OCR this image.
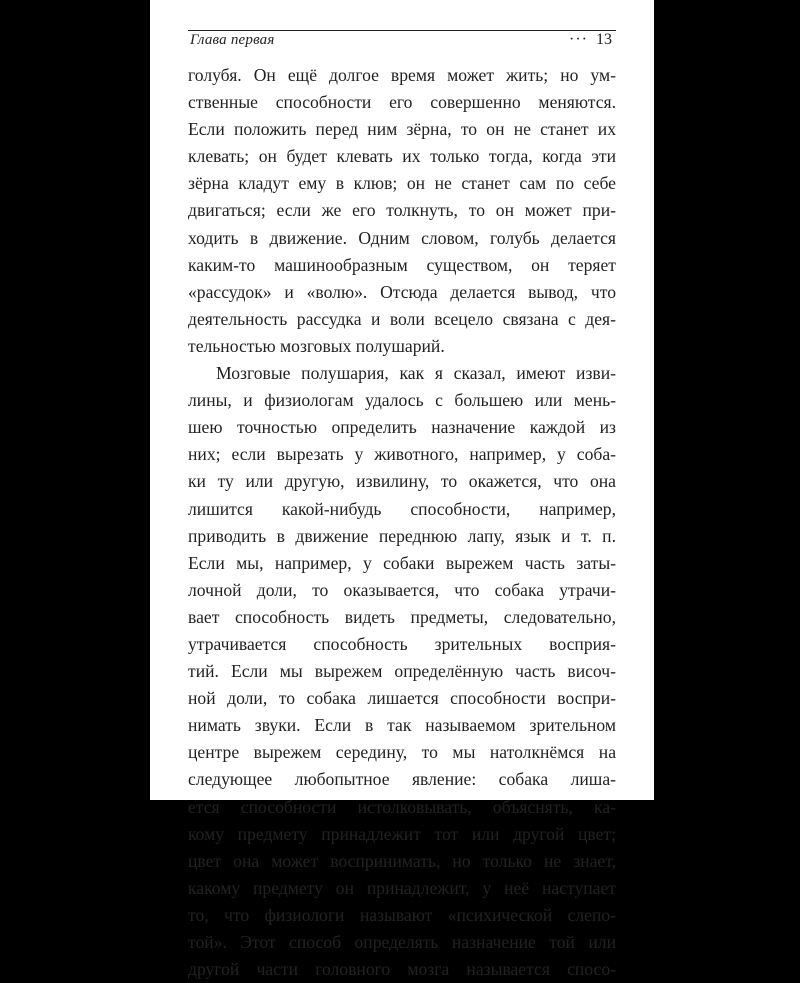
Глава первая	··· 13
голубя. Он ещё долгое время может жить; но ум-
ственные способности его совершенно меняются.
Если положить перед ним зёрна, то он не станет их
клевать; он будет клевать их только тогда, когда эти
зёрна кладут ему в клюв; он не станет сам по себе
двигаться; если же его толкнуть, то он может при-
ходить в движение. Одним словом, голубь делается
каким-то машинообразным существом, он теряет
«рассудок» и «волю». Отсюда делается вывод, что
деятельность рассудка и воли всецело связана с дея-
тельностью мозговых полушарий.
Мозговые полушария, как я сказал, имеют изви-
лины, и физиологам удалось с большею или мень-
шею точностью определить назначение каждой из
них; если вырезать у животного, например, у соба-
ки ту или другую, извилину, то окажется, что она
лишится какой-нибудь способности, например,
приводить в движение переднюю лапу, язык и т. п.
Если мы, например, у собаки вырежем часть заты-
лочной доли, то оказывается, что собака утрачи-
вает способность видеть предметы, следовательно,
утрачивается способность зрительных восприя-
тий. Если мы вырежем определённую часть височ-
ной доли, то собака лишается способности воспри-
нимать звуки. Если в так называемом зрительном
центре вырежем середину, то мы натолкнёмся на
следующее любопытное явление: собака лиша-
ется способности истолковывать, объяснять, ка-
кому предмету принадлежит тот или другой цвет;
цвет она может воспринимать, но только не знает,
какому предмету он принадлежит, у неё наступает
то, что физиологи называют «психической слепо-
той». Этот способ определять назначение той или
другой части головного мозга называется спосо-
